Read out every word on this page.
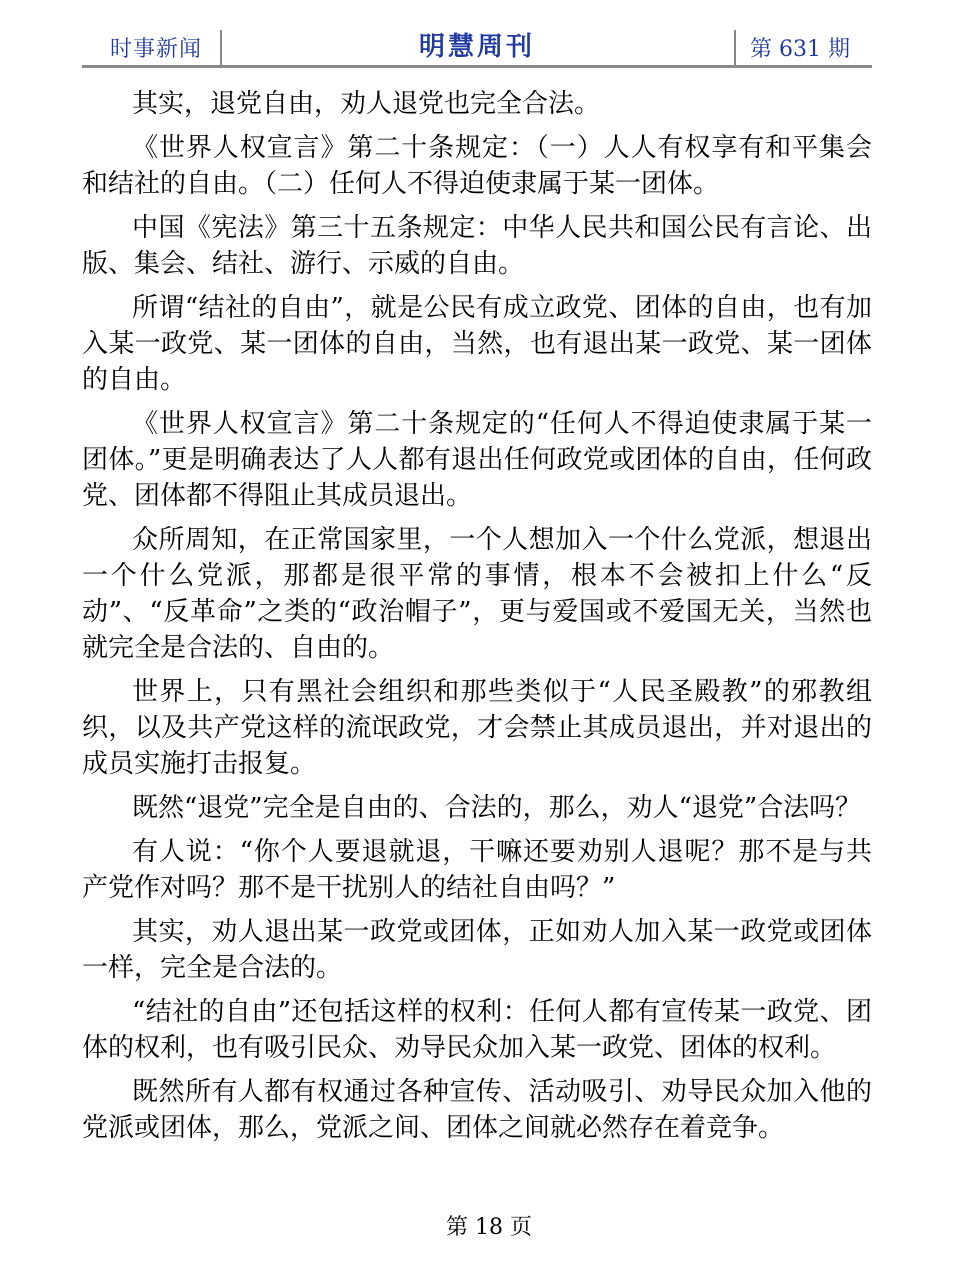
时事新闻	明慧周刊	第 631 期

其实，退党自由，劝人退党也完全合法。

《世界人权宣言》第二十条规定：（一）人人有权享有和平集会和结社的自由。（二）任何人不得迫使隶属于某一团体。

中国《宪法》第三十五条规定：中华人民共和国公民有言论、出版、集会、结社、游行、示威的自由。

所谓“结社的自由”，就是公民有成立政党、团体的自由，也有加入某一政党、某一团体的自由，当然，也有退出某一政党、某一团体的自由。

《世界人权宣言》第二十条规定的“任何人不得迫使隶属于某一团体。”更是明确表达了人人都有退出任何政党或团体的自由，任何政党、团体都不得阻止其成员退出。

众所周知，在正常国家里，一个人想加入一个什么党派，想退出一个什么党派，那都是很平常的事情，根本不会被扣上什么“反动”、“反革命”之类的“政治帽子”，更与爱国或不爱国无关，当然也就完全是合法的、自由的。

世界上，只有黑社会组织和那些类似于“人民圣殿教”的邪教组织，以及共产党这样的流氓政党，才会禁止其成员退出，并对退出的成员实施打击报复。

既然“退党”完全是自由的、合法的，那么，劝人“退党”合法吗？

有人说：“你个人要退就退，干嘛还要劝别人退呢？那不是与共产党作对吗？那不是干扰别人的结社自由吗？”

其实，劝人退出某一政党或团体，正如劝人加入某一政党或团体一样，完全是合法的。

“结社的自由”还包括这样的权利：任何人都有宣传某一政党、团体的权利，也有吸引民众、劝导民众加入某一政党、团体的权利。

既然所有人都有权通过各种宣传、活动吸引、劝导民众加入他的党派或团体，那么，党派之间、团体之间就必然存在着竞争。

第 18 页
